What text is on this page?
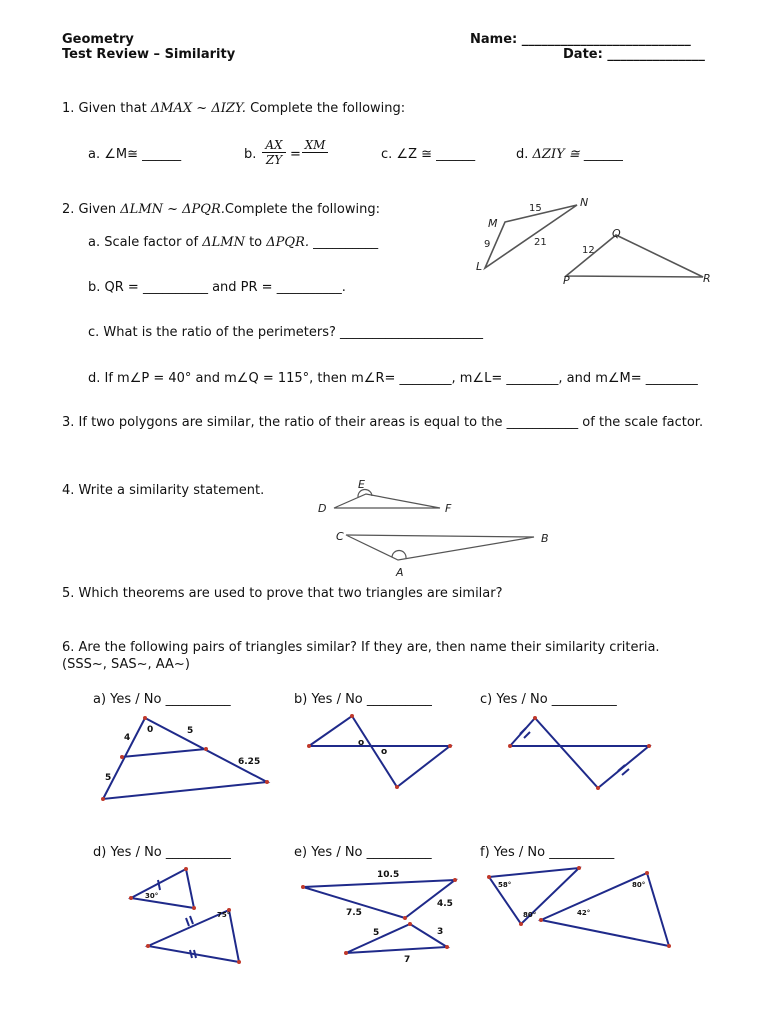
Geometry
Test Review – Similarity
Name: __________________________
Date: _______________
1. Given that ΔMAX ~ ΔIZY. Complete the following:
a. ∠M≅ ______	b. $\frac{AX}{ZY}$ =
XM
c. ∠Z ≅ ______	d. ΔZIY ≅ ______
2. Given ΔLMN ~ ΔPQR.Complete the following:
a. Scale factor of ΔLMN to ΔPQR. __________
b. QR = __________ and PR = __________.
c. What is the ratio of the perimeters? ______________________
d. If m∠P = 40° and m∠Q = 115°, then m∠R= ________, m∠L= ________, and m∠M= ________
L
M
N
P
Q
R
15
9	21
12
3. If two polygons are similar, the ratio of their areas is equal to the ___________ of the scale factor.
4. Write a similarity statement.	E
D	F
C	B
A
5. Which theorems are used to prove that two triangles are similar?
6. Are the following pairs of triangles similar? If they are, then name their similarity criteria.
(SSS~, SAS~, AA~)
a) Yes / No __________	b) Yes / No __________	c) Yes / No __________
d) Yes / No __________	e) Yes / No __________	f) Yes / No __________
0
4
5
6.25
5
o
o
30°
75°
10.5
7.5
4.5
5	3
7
58°	80°
80°	42°
